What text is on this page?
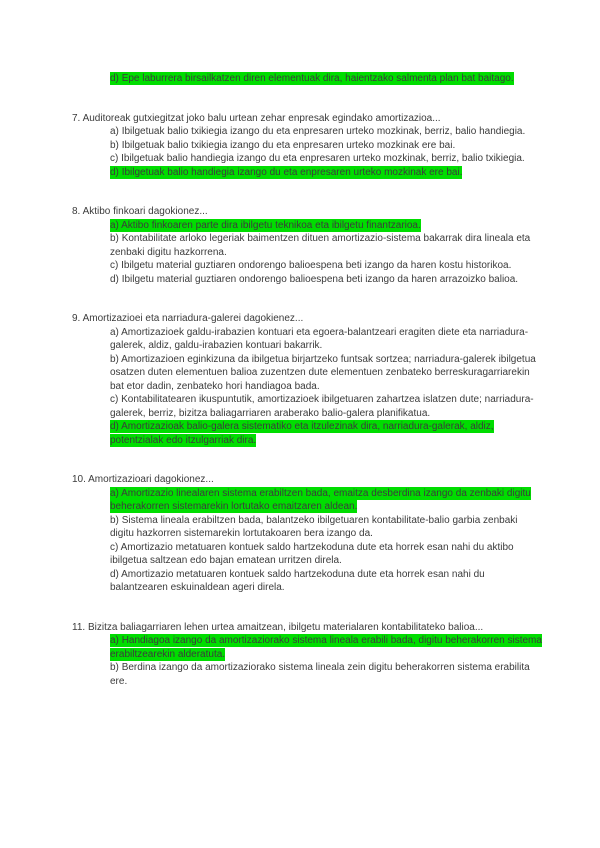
d) Epe laburrera birsailkatzen diren elementuak dira, haientzako salmenta plan bat baitago.

7. Auditoreak gutxiegitzat joko balu urtean zehar enpresak egindako amortizazioa...

a) Ibilgetuak balio txikiegia izango du eta enpresaren urteko mozkinak, berriz, balio handiegia.

b) Ibilgetuak balio txikiegia izango du eta enpresaren urteko mozkinak ere bai.

c) Ibilgetuak balio handiegia izango du eta enpresaren urteko mozkinak, berriz, balio txikiegia.

d) Ibilgetuak balio handiegia izango du eta enpresaren urteko mozkinak ere bai.

8. Aktibo finkoari dagokionez...

a) Aktibo finkoaren parte dira ibilgetu teknikoa eta ibilgetu finantzarioa.

b) Kontabilitate arloko legeriak baimentzen dituen amortizazio-sistema bakarrak dira lineala eta zenbaki digitu hazkorrena.

c) Ibilgetu material guztiaren ondorengo balioespena beti izango da haren kostu historikoa.

d) Ibilgetu material guztiaren ondorengo balioespena beti izango da haren arrazoizko balioa.

9. Amortizazioei eta narriadura-galerei dagokienez...

a) Amortizazioek galdu-irabazien kontuari eta egoera-balantzeari eragiten diete eta narriadura-galerek, aldiz, galdu-irabazien kontuari bakarrik.

b) Amortizazioen eginkizuna da ibilgetua birjartzeko funtsak sortzea; narriadura-galerek ibilgetua osatzen duten elementuen balioa zuzentzen dute elementuen zenbateko berreskuragarriarekin bat etor dadin, zenbateko hori handiagoa bada.

c) Kontabilitatearen ikuspuntutik, amortizazioek ibilgetuaren zahartzea islatzen dute; narriadura-galerek, berriz, bizitza baliagarriaren araberako balio-galera planifikatua.

d) Amortizazioak balio-galera sistematiko eta itzulezinak dira, narriadura-galerak, aldiz, potentzialak edo itzulgarriak dira.

10. Amortizazioari dagokionez...

a) Amortizazio linealaren sistema erabiltzen bada, emaitza desberdina izango da zenbaki digitu beherakorren sistemarekin lortutako emaitzaren aldean.

b) Sistema lineala erabiltzen bada, balantzeko ibilgetuaren kontabilitate-balio garbia zenbaki digitu hazkorren sistemarekin lortutakoaren bera izango da.

c) Amortizazio metatuaren kontuek saldo hartzekoduna dute eta horrek esan nahi du aktibo ibilgetua saltzean edo bajan ematean urritzen direla.

d) Amortizazio metatuaren kontuek saldo hartzekoduna dute eta horrek esan nahi du balantzearen eskuinaldean ageri direla.

11. Bizitza baliagarriaren lehen urtea amaitzean, ibilgetu materialaren kontabilitateko balioa...

a) Handiagoa izango da amortizaziorako sistema lineala erabili bada, digitu beherakorren sistema erabiltzearekin alderatuta.

b) Berdina izango da amortizaziorako sistema lineala zein digitu beherakorren sistema erabilita ere.
